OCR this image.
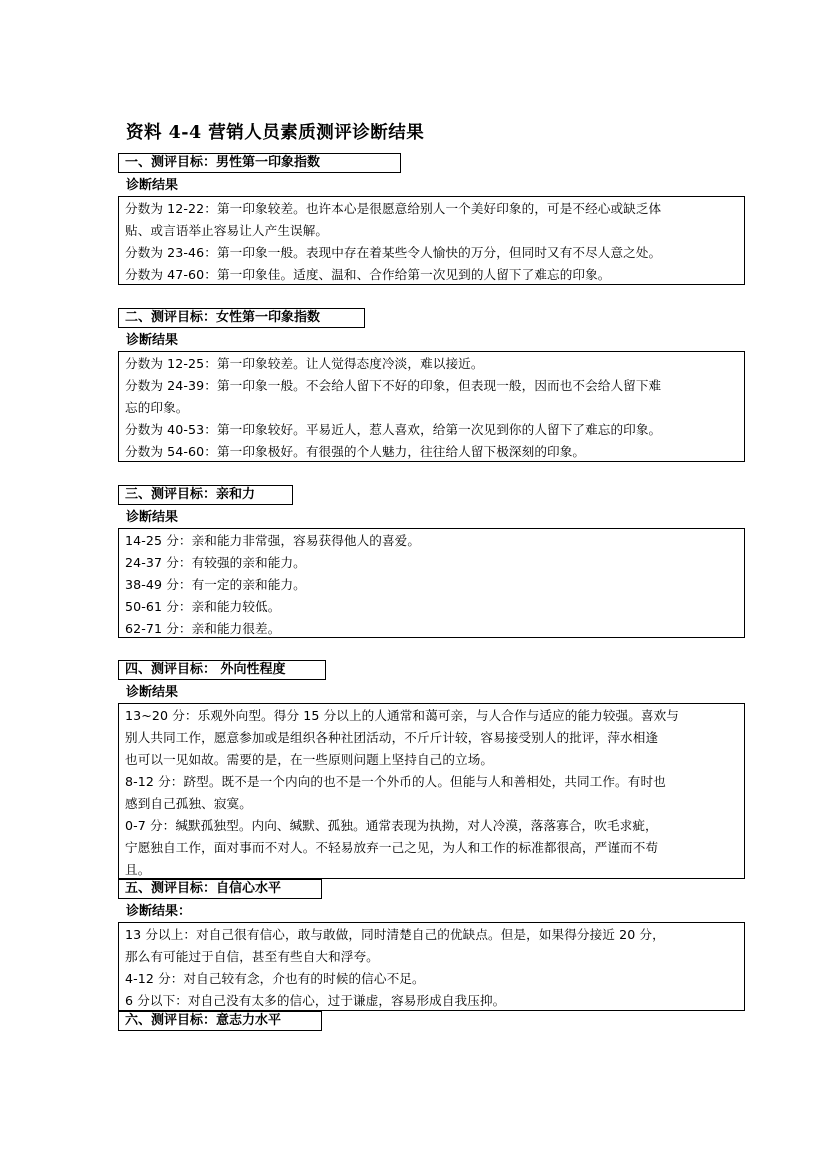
资料 4-4 营销人员素质测评诊断结果
一、测评目标：男性第一印象指数
诊断结果
分数为 12-22：第一印象较差。也许本心是很愿意给别人一个美好印象的，可是不经心或缺乏体
贴、或言语举止容易让人产生误解。
分数为 23-46：第一印象一般。表现中存在着某些令人愉快的万分，但同时又有不尽人意之处。
分数为 47-60：第一印象佳。适度、温和、合作给第一次见到的人留下了难忘的印象。
二、测评目标：女性第一印象指数
诊断结果
分数为 12-25：第一印象较差。让人觉得态度冷淡，难以接近。
分数为 24-39：第一印象一般。不会给人留下不好的印象，但表现一般，因而也不会给人留下难
忘的印象。
分数为 40-53：第一印象较好。平易近人，惹人喜欢，给第一次见到你的人留下了难忘的印象。
分数为 54-60：第一印象极好。有很强的个人魅力，往往给人留下极深刻的印象。
三、测评目标：亲和力
诊断结果
14-25 分：亲和能力非常强，容易获得他人的喜爱。
24-37 分：有较强的亲和能力。
38-49 分：有一定的亲和能力。
50-61 分：亲和能力较低。
62-71 分：亲和能力很差。
四、测评目标： 外向性程度
诊断结果
13~20 分：乐观外向型。得分 15 分以上的人通常和蔼可亲，与人合作与适应的能力较强。喜欢与
别人共同工作，愿意参加或是组织各种社团活动，不斤斤计较，容易接受别人的批评，萍水相逢
也可以一见如故。需要的是，在一些原则问题上坚持自己的立场。
8-12 分：跻型。既不是一个内向的也不是一个外币的人。但能与人和善相处，共同工作。有时也
感到自己孤独、寂寞。
0-7 分：缄默孤独型。内向、缄默、孤独。通常表现为执拗，对人冷漠，落落寡合，吹毛求疵，
宁愿独自工作，面对事而不对人。不轻易放弃一己之见，为人和工作的标准都很高，严谨而不苟
且。
五、测评目标：自信心水平
诊断结果：
13 分以上：对自己很有信心，敢与敢做，同时清楚自己的优缺点。但是，如果得分接近 20 分，
那么有可能过于自信，甚至有些自大和浮夸。
4-12 分：对自己较有念，介也有的时候的信心不足。
6 分以下：对自己没有太多的信心，过于谦虚，容易形成自我压抑。
六、测评目标：意志力水平
